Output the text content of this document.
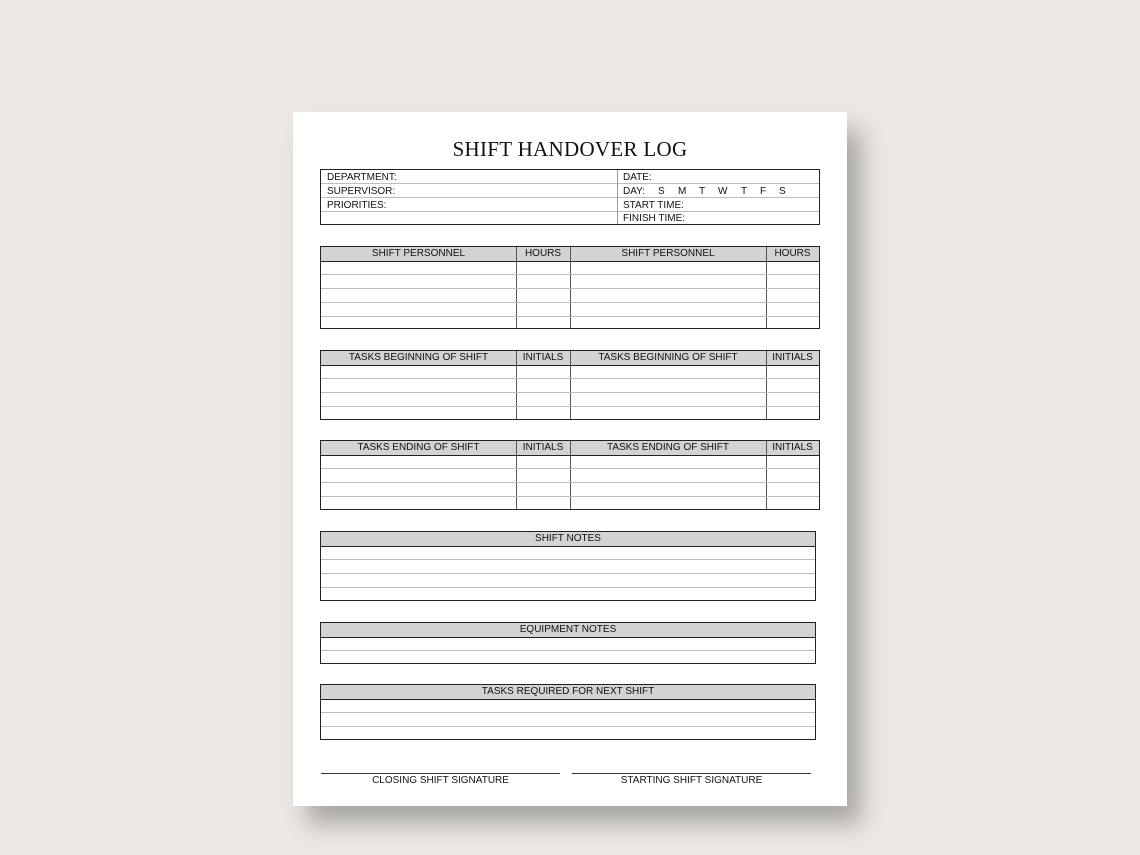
SHIFT HANDOVER LOG
DEPARTMENT:
SUPERVISOR:
PRIORITIES:
DATE:
DAY: S M T W T F S
START TIME:
FINISH TIME:
SHIFT PERSONNEL	HOURS	SHIFT PERSONNEL	HOURS
TASKS BEGINNING OF SHIFT	INITIALS	TASKS BEGINNING OF SHIFT	INITIALS
TASKS ENDING OF SHIFT	INITIALS	TASKS ENDING OF SHIFT	INITIALS
SHIFT NOTES
EQUIPMENT NOTES
TASKS REQUIRED FOR NEXT SHIFT
CLOSING SHIFT SIGNATURE	STARTING SHIFT SIGNATURE
